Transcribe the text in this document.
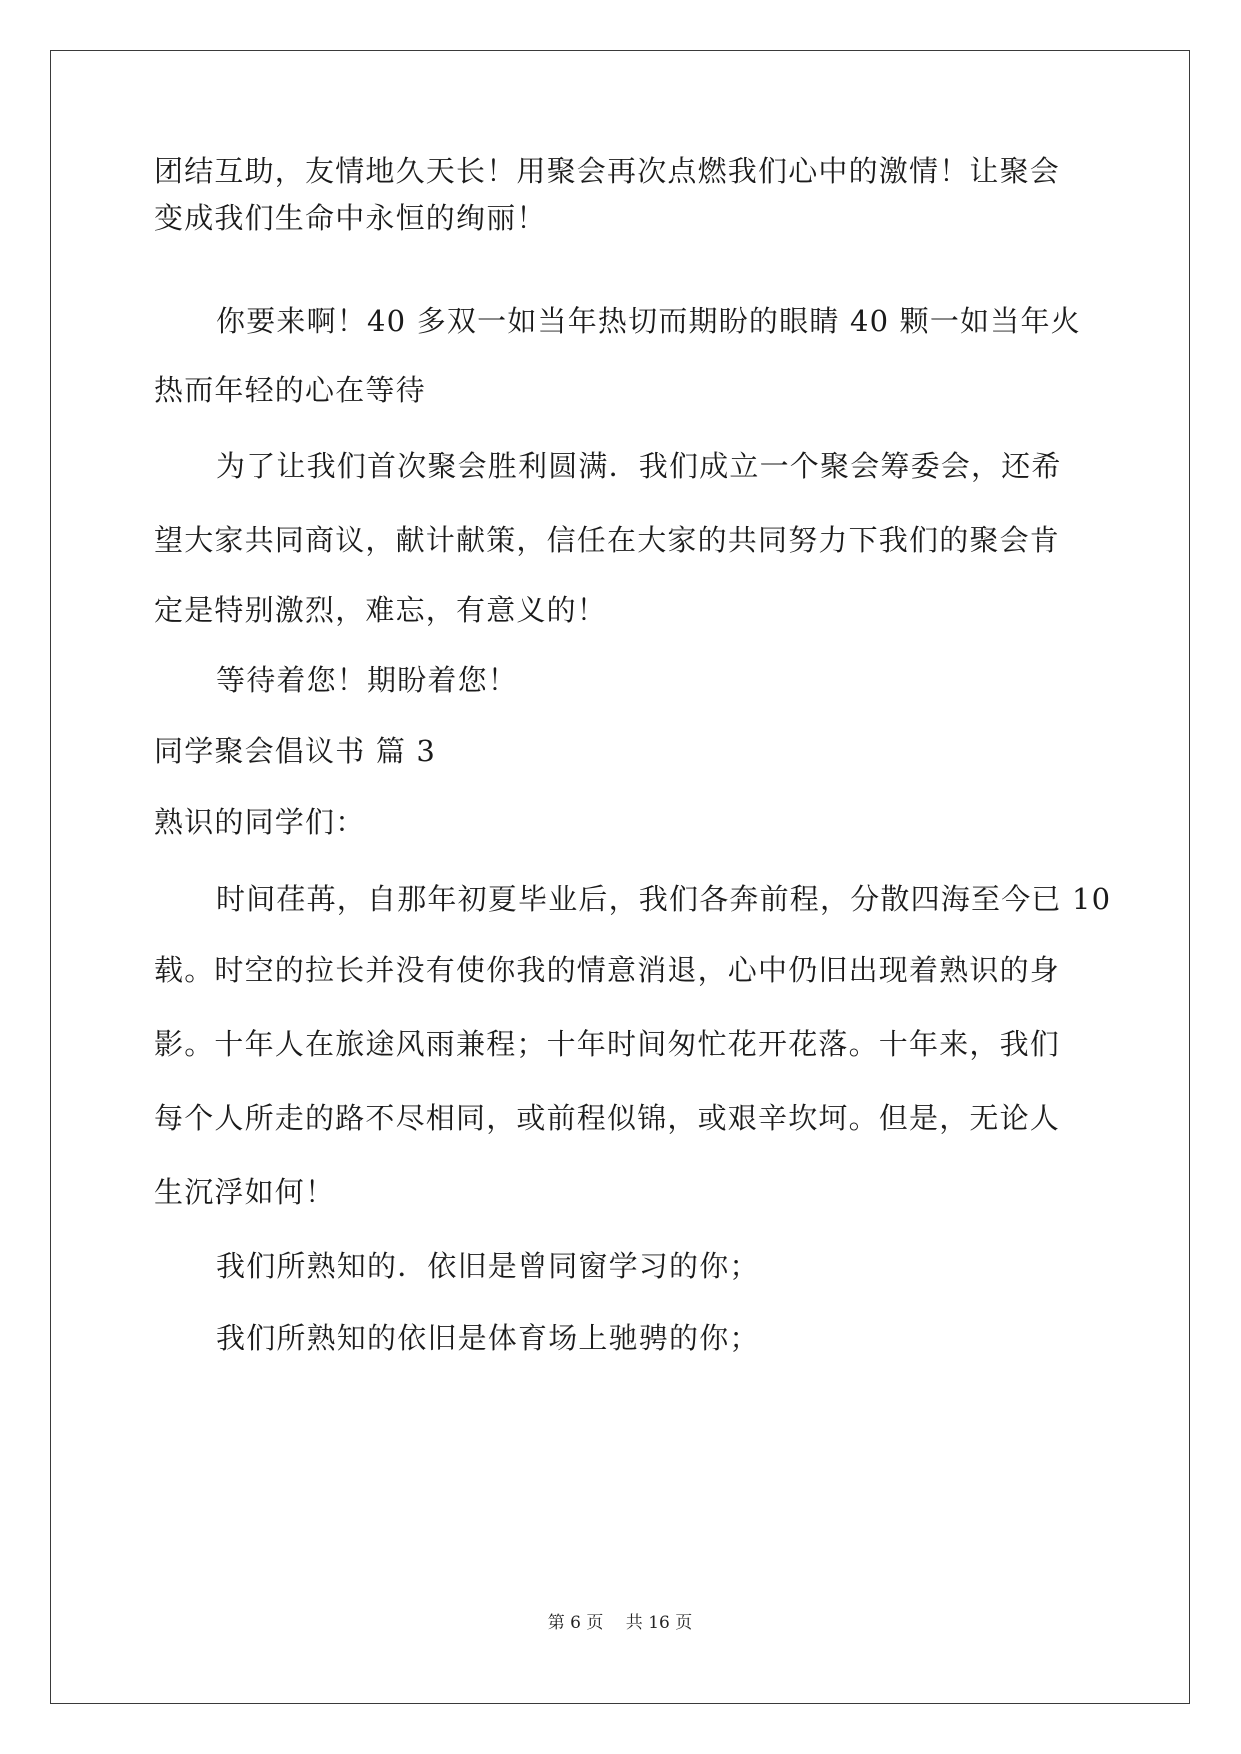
团结互助，友情地久天长！用聚会再次点燃我们心中的激情！让聚会
变成我们生命中永恒的绚丽！
你要来啊！40 多双一如当年热切而期盼的眼睛 40 颗一如当年火
热而年轻的心在等待
为了让我们首次聚会胜利圆满．我们成立一个聚会筹委会，还希
望大家共同商议，献计献策，信任在大家的共同努力下我们的聚会肯
定是特别激烈，难忘，有意义的！
等待着您！期盼着您！
同学聚会倡议书 篇 3
熟识的同学们：
时间荏苒，自那年初夏毕业后，我们各奔前程，分散四海至今已 10
载。时空的拉长并没有使你我的情意消退，心中仍旧出现着熟识的身
影。十年人在旅途风雨兼程；十年时间匆忙花开花落。十年来，我们
每个人所走的路不尽相同，或前程似锦，或艰辛坎坷。但是，无论人
生沉浮如何！
我们所熟知的．依旧是曾同窗学习的你；
我们所熟知的依旧是体育场上驰骋的你；
第 6 页　 共 16 页
